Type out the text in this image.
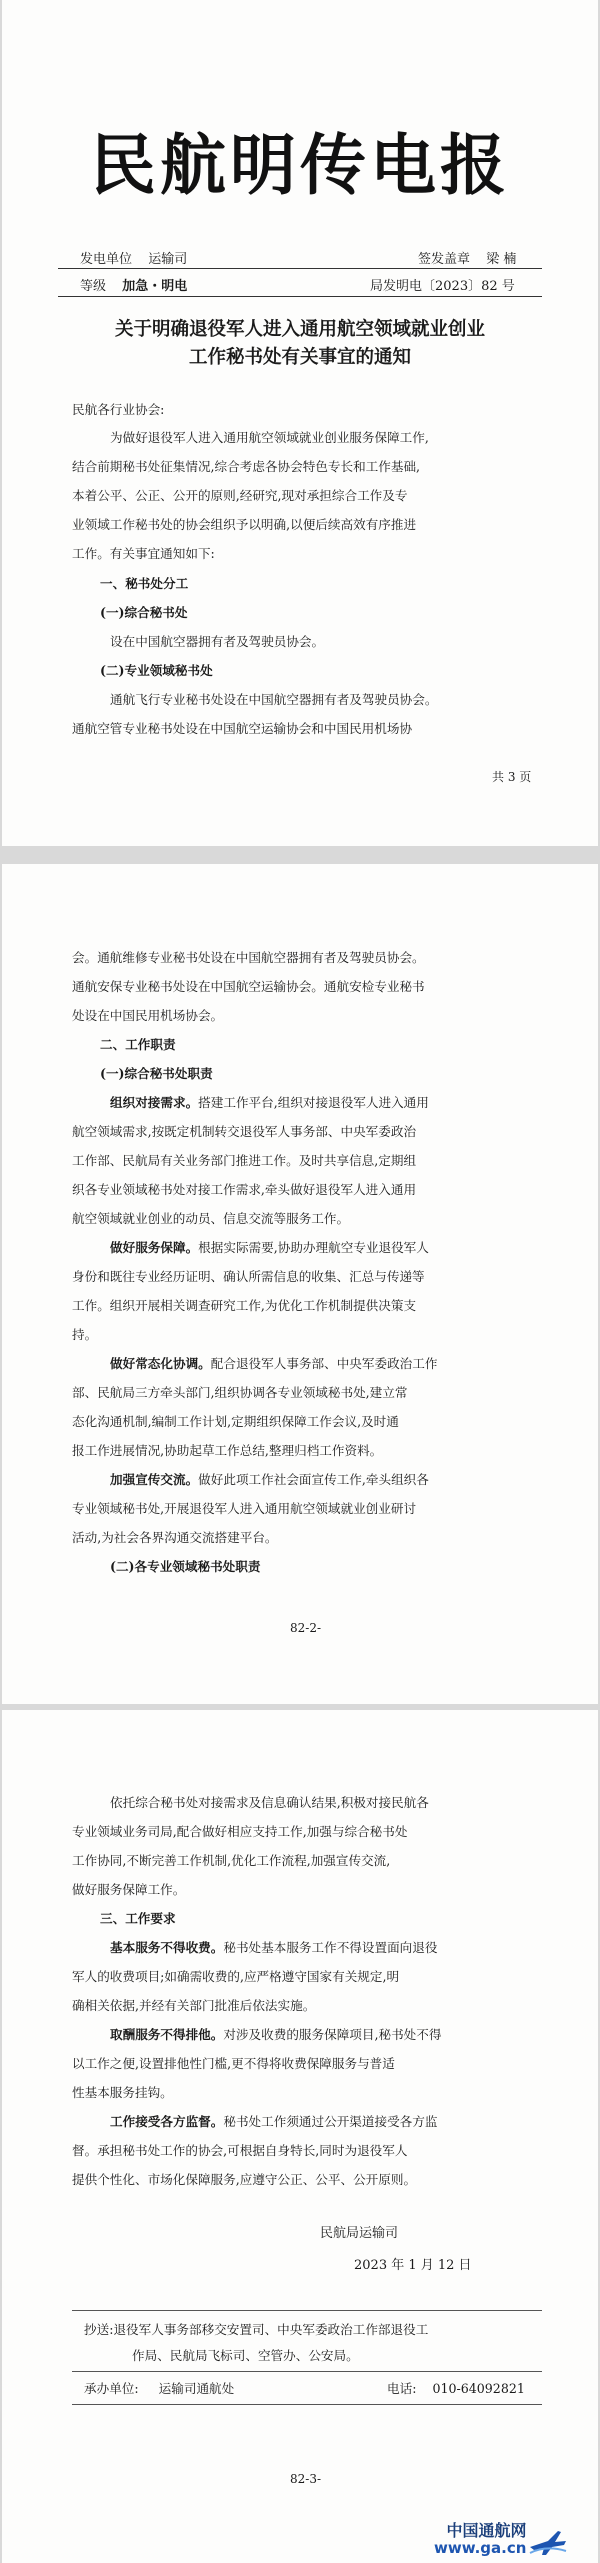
民航明传电报
发电单位 运输司	签发盖章 梁 楠
等级 加急・明电	局发明电〔2023〕82 号
关于明确退役军人进入通用航空领域就业创业
工作秘书处有关事宜的通知
民航各行业协会:
为做好退役军人进入通用航空领域就业创业服务保障工作,
结合前期秘书处征集情况,综合考虑各协会特色专长和工作基础,
本着公平、公正、公开的原则,经研究,现对承担综合工作及专
业领域工作秘书处的协会组织予以明确,以便后续高效有序推进
工作。有关事宜通知如下:
一、秘书处分工
(一)综合秘书处
设在中国航空器拥有者及驾驶员协会。
(二)专业领域秘书处
通航飞行专业秘书处设在中国航空器拥有者及驾驶员协会。
通航空管专业秘书处设在中国航空运输协会和中国民用机场协
共 3 页
会。通航维修专业秘书处设在中国航空器拥有者及驾驶员协会。
通航安保专业秘书处设在中国航空运输协会。通航安检专业秘书
处设在中国民用机场协会。
二、工作职责
(一)综合秘书处职责
组织对接需求。搭建工作平台,组织对接退役军人进入通用
航空领域需求,按既定机制转交退役军人事务部、中央军委政治
工作部、民航局有关业务部门推进工作。及时共享信息,定期组
织各专业领域秘书处对接工作需求,牵头做好退役军人进入通用
航空领域就业创业的动员、信息交流等服务工作。
做好服务保障。根据实际需要,协助办理航空专业退役军人
身份和既往专业经历证明、确认所需信息的收集、汇总与传递等
工作。组织开展相关调查研究工作,为优化工作机制提供决策支
持。
做好常态化协调。配合退役军人事务部、中央军委政治工作
部、民航局三方牵头部门,组织协调各专业领域秘书处,建立常
态化沟通机制,编制工作计划,定期组织保障工作会议,及时通
报工作进展情况,协助起草工作总结,整理归档工作资料。
加强宣传交流。做好此项工作社会面宣传工作,牵头组织各
专业领域秘书处,开展退役军人进入通用航空领域就业创业研讨
活动,为社会各界沟通交流搭建平台。
(二)各专业领域秘书处职责
82-2-
依托综合秘书处对接需求及信息确认结果,积极对接民航各
专业领域业务司局,配合做好相应支持工作,加强与综合秘书处
工作协同,不断完善工作机制,优化工作流程,加强宣传交流,
做好服务保障工作。
三、工作要求
基本服务不得收费。秘书处基本服务工作不得设置面向退役
军人的收费项目;如确需收费的,应严格遵守国家有关规定,明
确相关依据,并经有关部门批准后依法实施。
取酬服务不得排他。对涉及收费的服务保障项目,秘书处不得
以工作之便,设置排他性门槛,更不得将收费保障服务与普适
性基本服务挂钩。
工作接受各方监督。秘书处工作须通过公开渠道接受各方监
督。承担秘书处工作的协会,可根据自身特长,同时为退役军人
提供个性化、市场化保障服务,应遵守公正、公平、公开原则。
民航局运输司
2023 年 1 月 12 日
抄送:退役军人事务部移交安置司、中央军委政治工作部退役工
作局、民航局飞标司、空管办、公安局。
承办单位: 运输司通航处	电话: 010-64092821
82-3-
中国通航网
www.ga.cn
